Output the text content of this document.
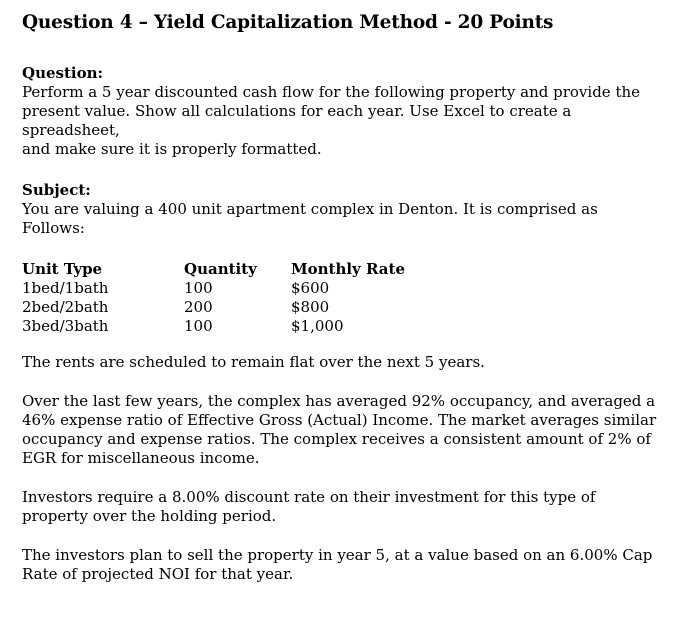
Question 4 – Yield Capitalization Method - 20 Points

Question:

Perform a 5 year discounted cash flow for the following property and provide the

present value. Show all calculations for each year. Use Excel to create a spreadsheet,

and make sure it is properly formatted.

Subject:

You are valuing a 400 unit apartment complex in Denton. It is comprised as Follows:

Unit Type	Quantity	Monthly Rate
1bed/1bath	100	$600
2bed/2bath	200	$800
3bed/3bath	100	$1,000

The rents are scheduled to remain flat over the next 5 years.

Over the last few years, the complex has averaged 92% occupancy, and averaged a

46% expense ratio of Effective Gross (Actual) Income. The market averages similar

occupancy and expense ratios. The complex receives a consistent amount of 2% of

EGR for miscellaneous income.

Investors require a 8.00% discount rate on their investment for this type of

property over the holding period.

The investors plan to sell the property in year 5, at a value based on an 6.00% Cap

Rate of projected NOI for that year.
